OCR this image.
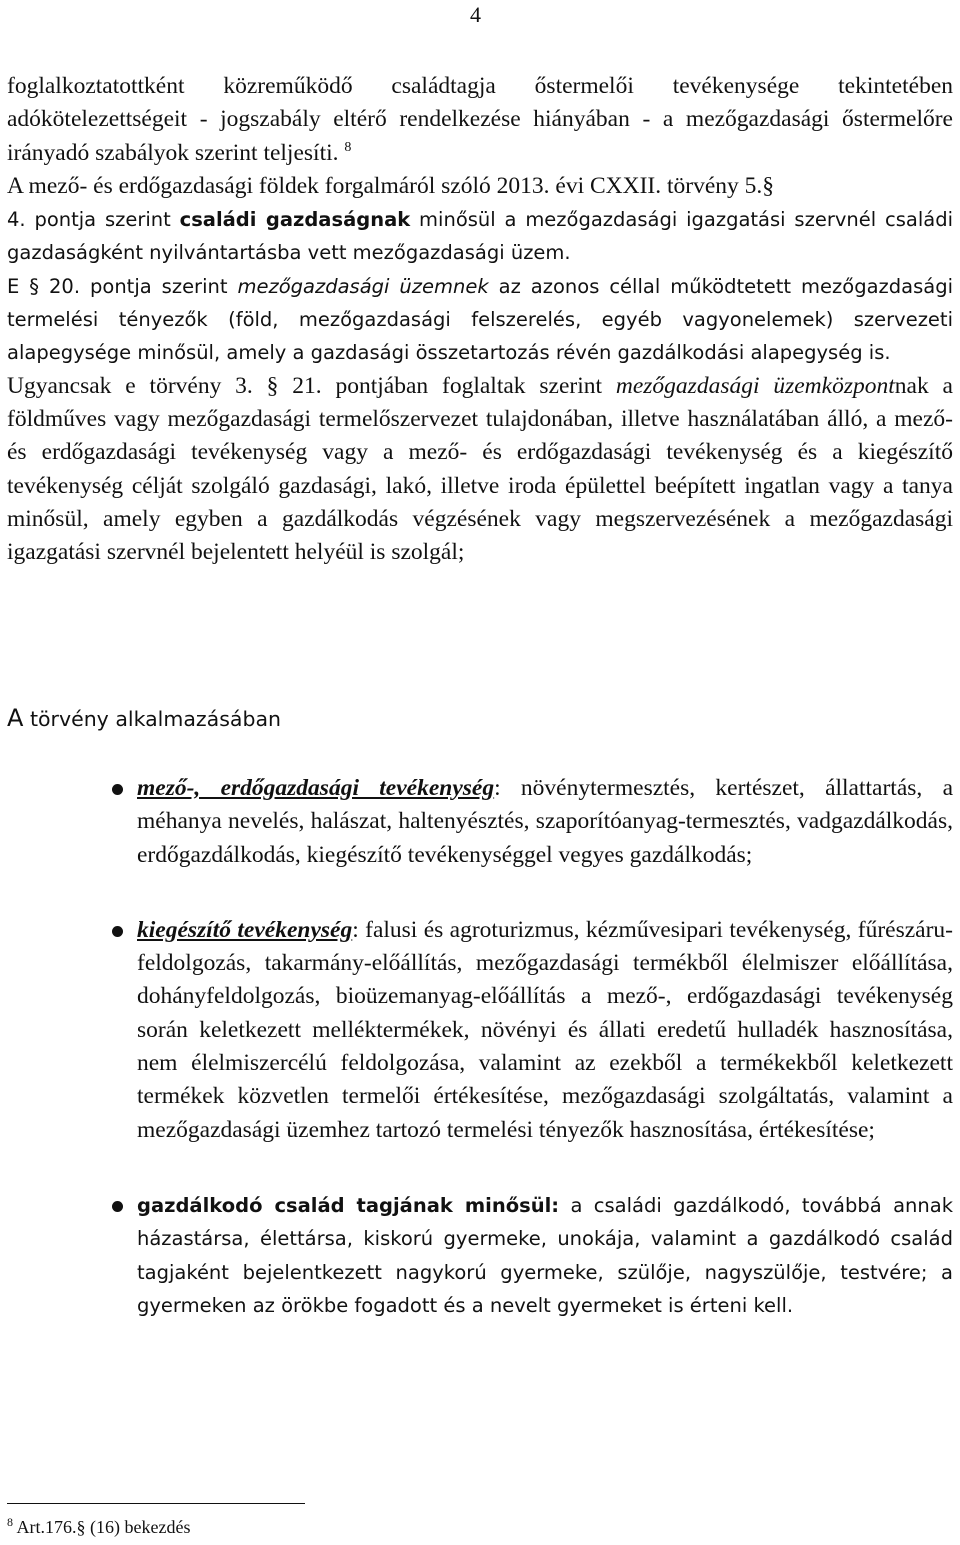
4

foglalkoztatottként közreműködő családtagja őstermelői tevékenysége tekintetében adókötelezettségeit - jogszabály eltérő rendelkezése hiányában - a mezőgazdasági őstermelőre irányadó szabályok szerint teljesíti. $^8$

A mező- és erdőgazdasági földek forgalmáról szóló 2013. évi CXXII. törvény 5.§

4. pontja szerint családi gazdaságnak minősül a mezőgazdasági igazgatási szervnél családi gazdaságként nyilvántartásba vett mezőgazdasági üzem.

E § 20. pontja szerint mezőgazdasági üzemnek az azonos céllal működtetett mezőgazdasági termelési tényezők (föld, mezőgazdasági felszerelés, egyéb vagyonelemek) szervezeti alapegysége minősül, amely a gazdasági összetartozás révén gazdálkodási alapegység is.

Ugyancsak e törvény 3. § 21. pontjában foglaltak szerint mezőgazdasági üzemközpontnak a földműves vagy mezőgazdasági termelőszervezet tulajdonában, illetve használatában álló, a mező- és erdőgazdasági tevékenység vagy a mező- és erdőgazdasági tevékenység és a kiegészítő tevékenység célját szolgáló gazdasági, lakó, illetve iroda épülettel beépített ingatlan vagy a tanya minősül, amely egyben a gazdálkodás végzésének vagy megszervezésének a mezőgazdasági igazgatási szervnél bejelentett helyéül is szolgál;

A törvény alkalmazásában
mező-, erdőgazdasági tevékenység: növénytermesztés, kertészet, állattartás, a méhanya nevelés, halászat, haltenyésztés, szaporítóanyag-termesztés, vadgazdálkodás, erdőgazdálkodás, kiegészítő tevékenységgel vegyes gazdálkodás;
kiegészítő tevékenység: falusi és agroturizmus, kézművesipari tevékenység, fűrészáru-feldolgozás, takarmány-előállítás, mezőgazdasági termékből élelmiszer előállítása, dohányfeldolgozás, bioüzemanyag-előállítás a mező-, erdőgazdasági tevékenység során keletkezett melléktermékek, növényi és állati eredetű hulladék hasznosítása, nem élelmiszercélú feldolgozása, valamint az ezekből a termékekből keletkezett termékek közvetlen termelői értékesítése, mezőgazdasági szolgáltatás, valamint a mezőgazdasági üzemhez tartozó termelési tényezők hasznosítása, értékesítése;
gazdálkodó család tagjának minősül: a családi gazdálkodó, továbbá annak házastársa, élettársa, kiskorú gyermeke, unokája, valamint a gazdálkodó család tagjaként bejelentkezett nagykorú gyermeke, szülője, nagyszülője, testvére; a gyermeken az örökbe fogadott és a nevelt gyermeket is érteni kell.
$^8$ Art.176.§ (16) bekezdés
